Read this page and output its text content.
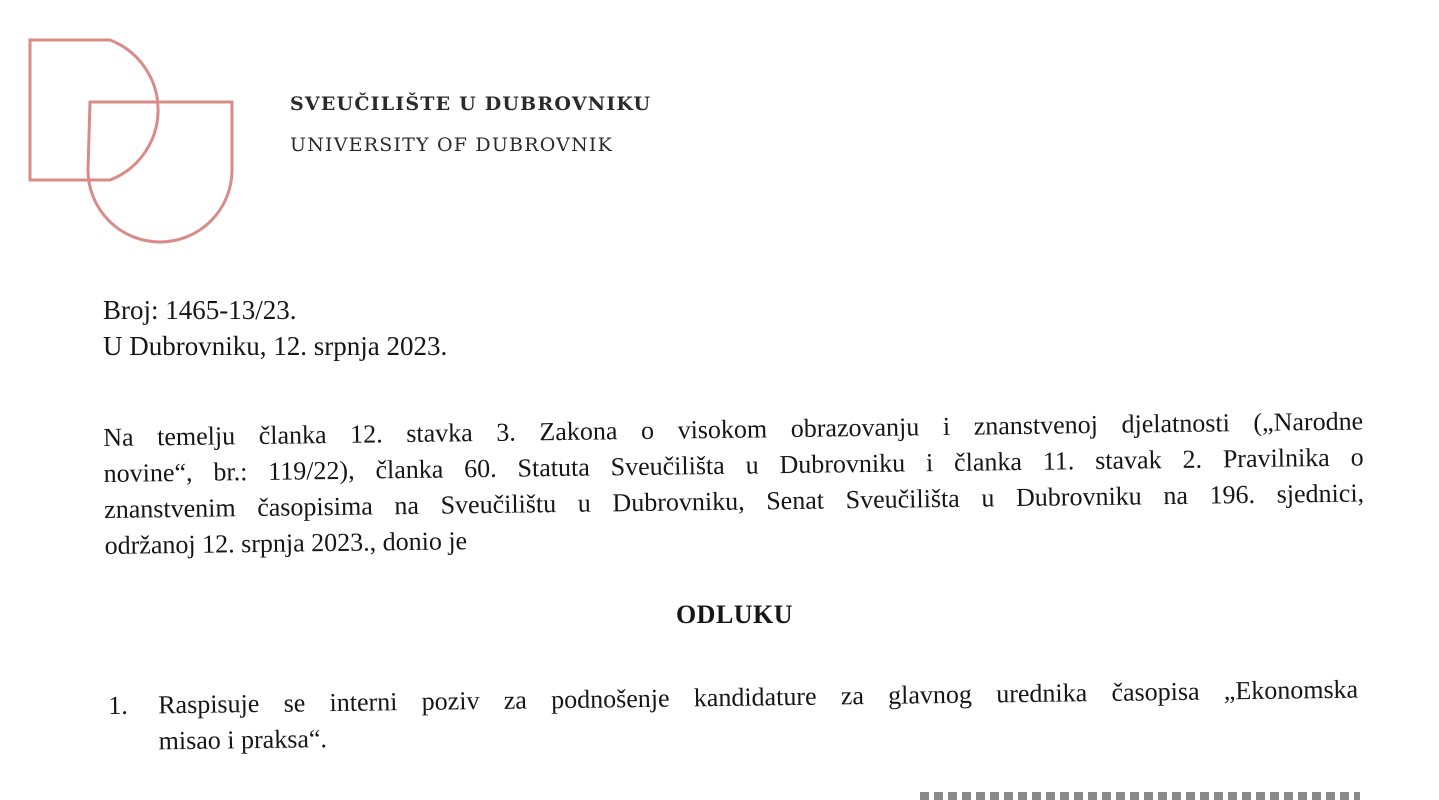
SVEUČILIŠTE U DUBROVNIKU
UNIVERSITY OF DUBROVNIK
Broj: 1465-13/23.
U Dubrovniku, 12. srpnja 2023.
Na temelju članka 12. stavka 3. Zakona o visokom obrazovanju i znanstvenoj djelatnosti („Narodne
novine“, br.: 119/22), članka 60. Statuta Sveučilišta u Dubrovniku i članka 11. stavak 2. Pravilnika o
znanstvenim časopisima na Sveučilištu u Dubrovniku, Senat Sveučilišta u Dubrovniku na 196. sjednici,
održanoj 12. srpnja 2023., donio je
ODLUKU
1.	Raspisuje se interni poziv za podnošenje kandidature za glavnog urednika časopisa „Ekonomska
misao i praksa“.
